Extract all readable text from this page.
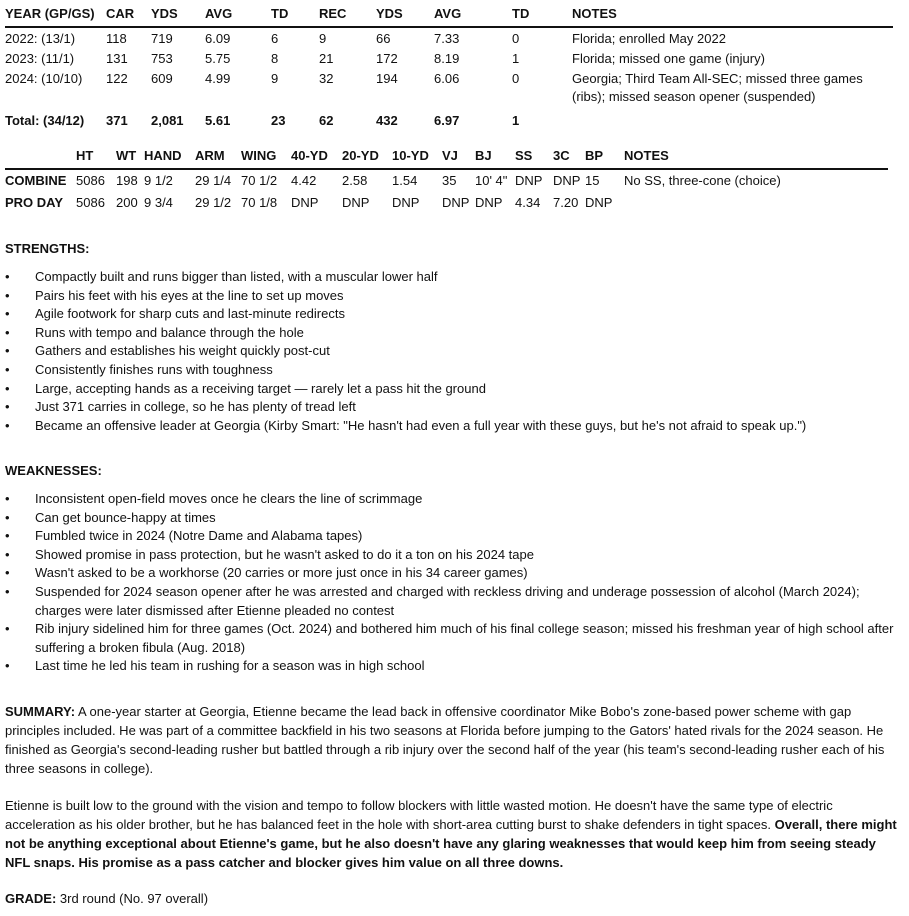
YEAR (GP/GS)	CAR	YDS	AVG	TD	REC	YDS	AVG	TD	NOTES
2022: (13/1)	118	719	6.09	6	9	66	7.33	0	Florida; enrolled May 2022
2023: (11/1)	131	753	5.75	8	21	172	8.19	1	Florida; missed one game (injury)
2024: (10/10)	122	609	4.99	9	32	194	6.06	0	Georgia; Third Team All-SEC; missed three games (ribs); missed season opener (suspended)
Total: (34/12)	371	2,081	5.61	23	62	432	6.97	1	
	HT	WT	HAND	ARM	WING	40-YD	20-YD	10-YD	VJ	BJ	SS	3C	BP	NOTES
COMBINE	5086	198	9 1/2	29 1/4	70 1/2	4.42	2.58	1.54	35	10' 4"	DNP	DNP	15	No SS, three-cone (choice)
PRO DAY	5086	200	9 3/4	29 1/2	70 1/8	DNP	DNP	DNP	DNP	DNP	4.34	7.20	DNP	
STRENGTHS:
• Compactly built and runs bigger than listed, with a muscular lower half
• Pairs his feet with his eyes at the line to set up moves
• Agile footwork for sharp cuts and last-minute redirects
• Runs with tempo and balance through the hole
• Gathers and establishes his weight quickly post-cut
• Consistently finishes runs with toughness
• Large, accepting hands as a receiving target — rarely let a pass hit the ground
• Just 371 carries in college, so he has plenty of tread left
• Became an offensive leader at Georgia (Kirby Smart: "He hasn't had even a full year with these guys, but he's not afraid to speak up.")
WEAKNESSES:
• Inconsistent open-field moves once he clears the line of scrimmage
• Can get bounce-happy at times
• Fumbled twice in 2024 (Notre Dame and Alabama tapes)
• Showed promise in pass protection, but he wasn't asked to do it a ton on his 2024 tape
• Wasn't asked to be a workhorse (20 carries or more just once in his 34 career games)
• Suspended for 2024 season opener after he was arrested and charged with reckless driving and underage possession of alcohol (March 2024); charges were later dismissed after Etienne pleaded no contest
• Rib injury sidelined him for three games (Oct. 2024) and bothered him much of his final college season; missed his freshman year of high school after suffering a broken fibula (Aug. 2018)
• Last time he led his team in rushing for a season was in high school

SUMMARY: A one-year starter at Georgia, Etienne became the lead back in offensive coordinator Mike Bobo's zone-based power scheme with gap principles included. He was part of a committee backfield in his two seasons at Florida before jumping to the Gators' hated rivals for the 2024 season. He finished as Georgia's second-leading rusher but battled through a rib injury over the second half of the year (his team's second-leading rusher each of his three seasons in college).

Etienne is built low to the ground with the vision and tempo to follow blockers with little wasted motion. He doesn't have the same type of electric acceleration as his older brother, but he has balanced feet in the hole with short-area cutting burst to shake defenders in tight spaces. Overall, there might not be anything exceptional about Etienne's game, but he also doesn't have any glaring weaknesses that would keep him from seeing steady NFL snaps. His promise as a pass catcher and blocker gives him value on all three downs.

GRADE: 3rd round (No. 97 overall)
